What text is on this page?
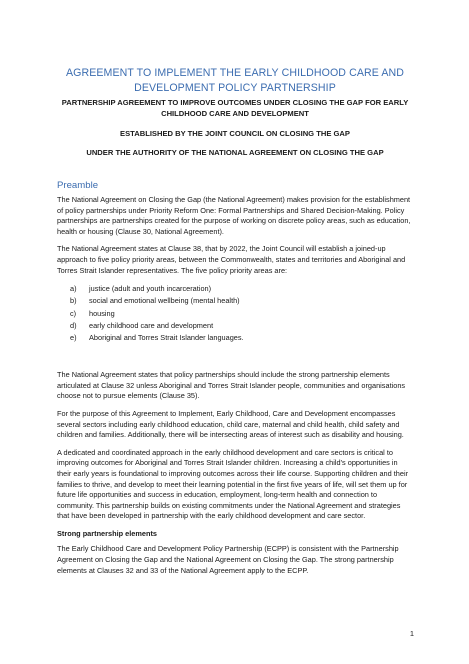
AGREEMENT TO IMPLEMENT THE EARLY CHILDHOOD CARE AND DEVELOPMENT POLICY PARTNERSHIP
PARTNERSHIP AGREEMENT TO IMPROVE OUTCOMES UNDER CLOSING THE GAP FOR EARLY CHILDHOOD CARE AND DEVELOPMENT
ESTABLISHED BY THE JOINT COUNCIL ON CLOSING THE GAP
UNDER THE AUTHORITY OF THE NATIONAL AGREEMENT ON CLOSING THE GAP
Preamble

The National Agreement on Closing the Gap (the National Agreement) makes provision for the establishment of policy partnerships under Priority Reform One: Formal Partnerships and Shared Decision-Making. Policy partnerships are partnerships created for the purpose of working on discrete policy areas, such as education, health or housing (Clause 30, National Agreement).

The National Agreement states at Clause 38, that by 2022, the Joint Council will establish a joined-up approach to five policy priority areas, between the Commonwealth, states and territories and Aboriginal and Torres Strait Islander representatives. The five policy priority areas are:

a)	justice (adult and youth incarceration)
b)	social and emotional wellbeing (mental health)
c)	housing
d)	early childhood care and development
e)	Aboriginal and Torres Strait Islander languages.

The National Agreement states that policy partnerships should include the strong partnership elements articulated at Clause 32 unless Aboriginal and Torres Strait Islander people, communities and organisations choose not to pursue elements (Clause 35).

For the purpose of this Agreement to Implement, Early Childhood, Care and Development encompasses several sectors including early childhood education, child care, maternal and child health, child safety and children and families. Additionally, there will be intersecting areas of interest such as disability and housing.

A dedicated and coordinated approach in the early childhood development and care sectors is critical to improving outcomes for Aboriginal and Torres Strait Islander children. Increasing a child’s opportunities in their early years is foundational to improving outcomes across their life course. Supporting children and their families to thrive, and develop to meet their learning potential in the first five years of life, will set them up for future life opportunities and success in education, employment, long-term health and connection to community. This partnership builds on existing commitments under the National Agreement and strategies that have been developed in partnership with the early childhood development and care sector.

Strong partnership elements

The Early Childhood Care and Development Policy Partnership (ECPP) is consistent with the Partnership Agreement on Closing the Gap and the National Agreement on Closing the Gap. The strong partnership elements at Clauses 32 and 33 of the National Agreement apply to the ECPP.

1
